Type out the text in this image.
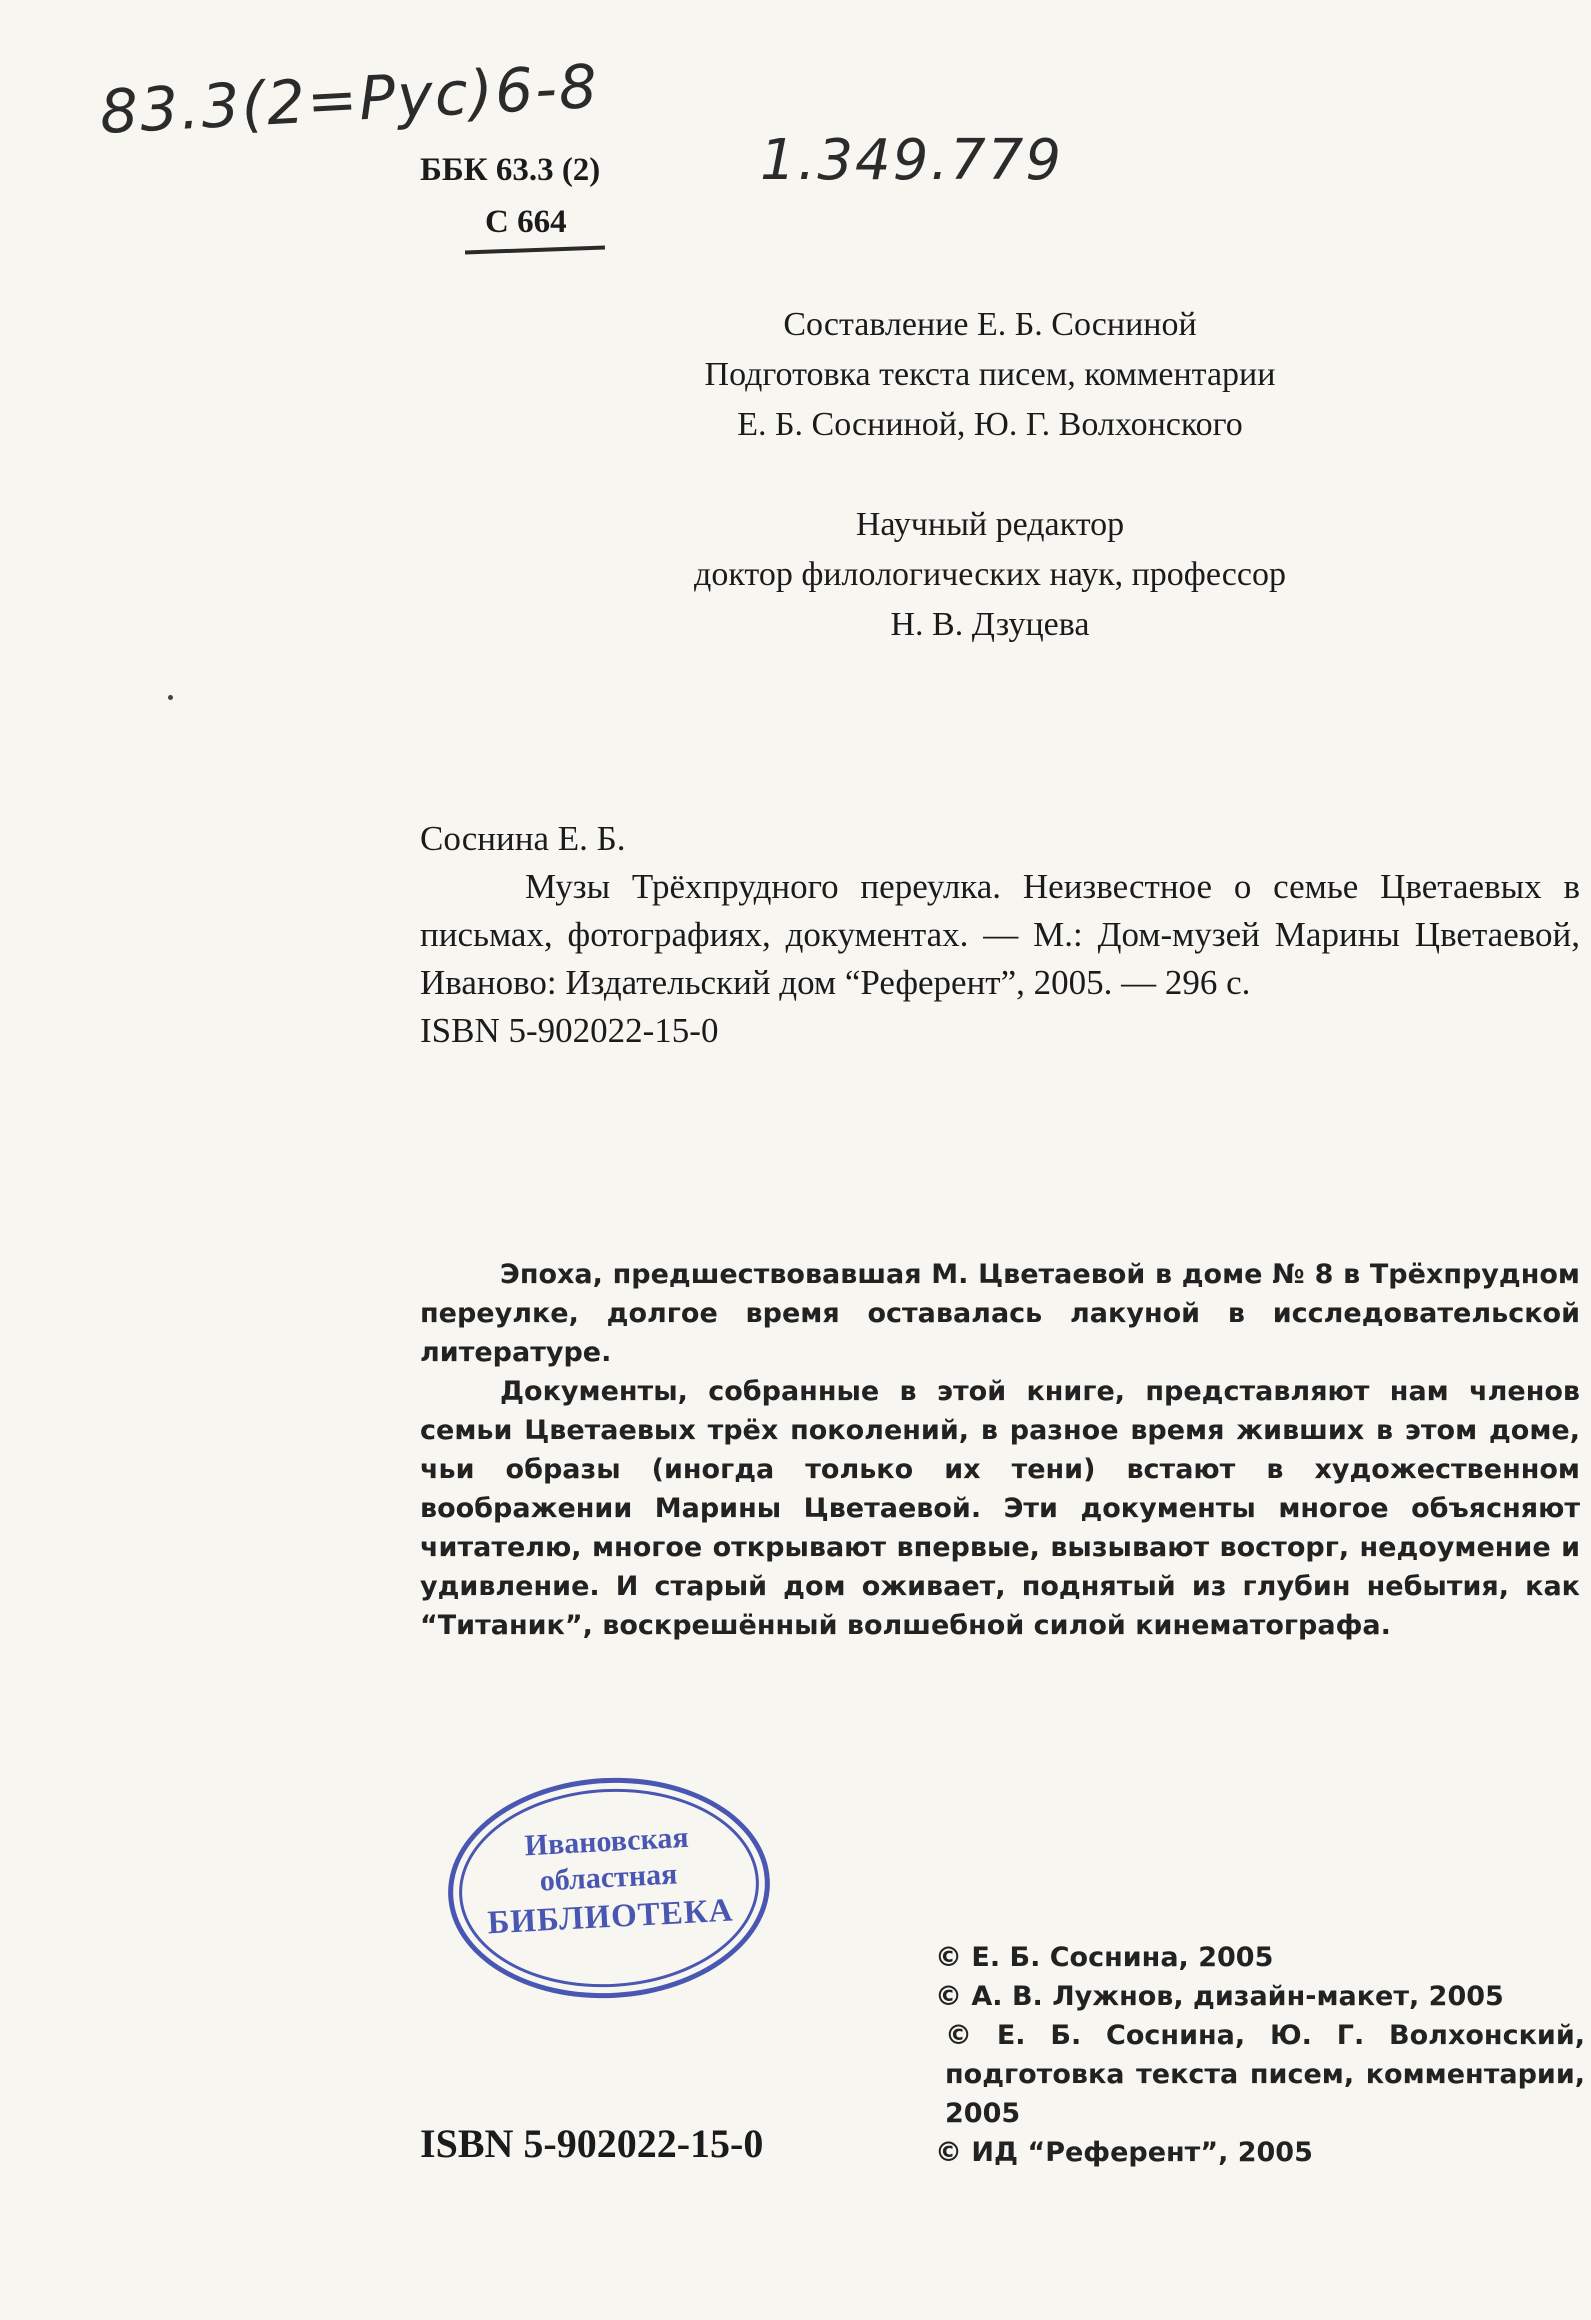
83.3(2=Рус)6-8
1.349.779
ББК 63.3 (2)
С 664
Составление Е. Б. Сосниной
Подготовка текста писем, комментарии
Е. Б. Сосниной, Ю. Г. Волхонского
Научный редактор
доктор филологических наук, профессор
Н. В. Дзуцева
Соснина Е. Б.
Музы Трёхпрудного переулка. Неизвестное о семье Цветаевых в письмах, фотографиях, документах. — М.: Дом-музей Марины Цветаевой, Иваново: Издательский дом “Референт”, 2005. — 296 с.
ISBN 5-902022-15-0

Эпоха, предшествовавшая М. Цветаевой в доме № 8 в Трёхпрудном переулке, долгое время оставалась лакуной в исследовательской литературе.

Документы, собранные в этой книге, представляют нам членов семьи Цветаевых трёх поколений, в разное время живших в этом доме, чьи образы (иногда только их тени) встают в художественном воображении Марины Цветаевой. Эти документы многое объясняют читателю, многое открывают впервые, вызывают восторг, недоумение и удивление. И старый дом оживает, поднятый из глубин небытия, как “Титаник”, воскрешённый волшебной силой кинематографа.

Ивановская
областная
БИБЛИОТЕКА
ISBN 5-902022-15-0
© Е. Б. Соснина, 2005
© А. В. Лужнов, дизайн-макет, 2005
© Е. Б. Соснина, Ю. Г. Волхонский, подготовка текста писем, комментарии, 2005
© ИД “Референт”, 2005
